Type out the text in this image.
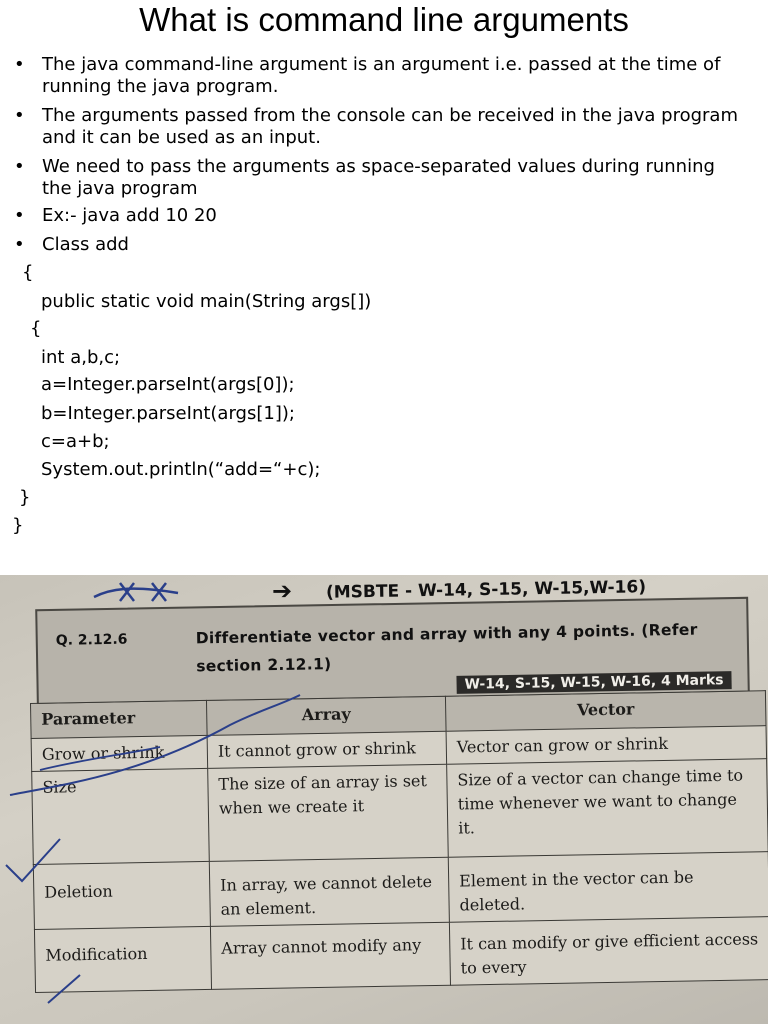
What is command line arguments
• The java command-line argument is an argument i.e. passed at the time of running the java program.
• The arguments passed from the console can be received in the java program and it can be used as an input.
• We need to pass the arguments as space-separated values during running the java program
• Ex:- java add 10 20
• Class add
{
public static void main(String args[])
{
int a,b,c;
a=Integer.parseInt(args[0]);
b=Integer.parseInt(args[1]);
c=a+b;
System.out.println(“add=“+c);
}
}
➔ (MSBTE - W-14, S-15, W-15,W-16)
Q. 2.12.6	Differentiate vector and array with any 4 points. (Refer section 2.12.1)
W-14, S-15, W-15, W-16, 4 Marks
Parameter	Array	Vector
Grow or shrink	It cannot grow or shrink	Vector can grow or shrink
Size	The size of an array is set when we create it	Size of a vector can change time to time whenever we want to change it.
Deletion	In array, we cannot delete an element.	Element in the vector can be deleted.
Modification	Array cannot modify any	It can modify or give efficient access to every
